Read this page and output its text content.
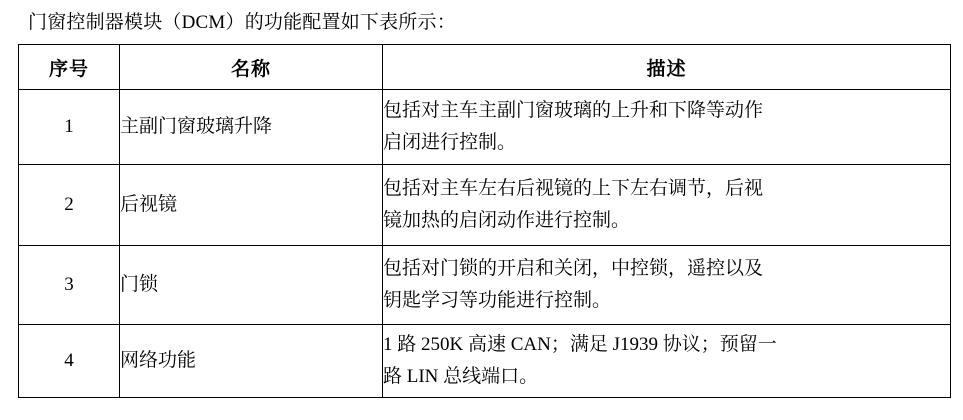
门窗控制器模块（DCM）的功能配置如下表所示：

序号	名称	描述
1	主副门窗玻璃升降	包括对主车主副门窗玻璃的上升和下降等动作
启闭进行控制。

2	后视镜	包括对主车左右后视镜的上下左右调节，后视
镜加热的启闭动作进行控制。

3	门锁	包括对门锁的开启和关闭，中控锁，遥控以及
钥匙学习等功能进行控制。

4	网络功能	1 路 250K 高速 CAN；满足 J1939 协议；预留一
路 LIN 总线端口。
